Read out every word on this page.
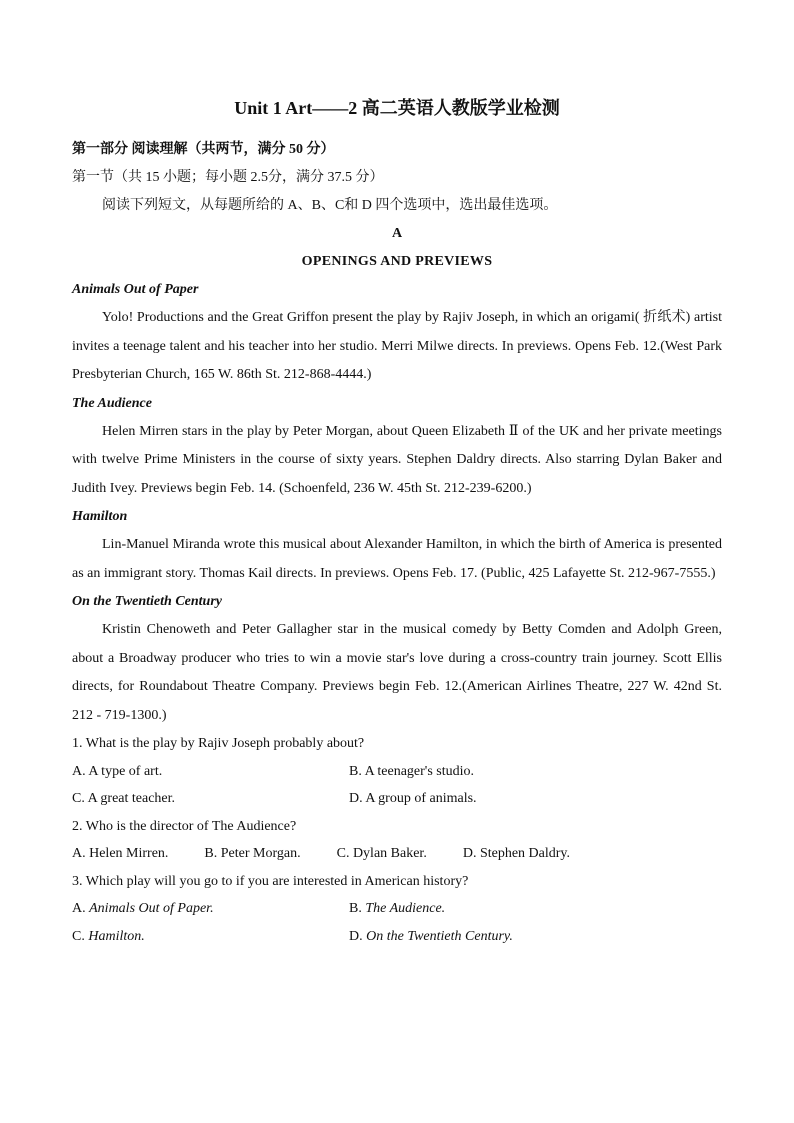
Unit 1 Art——2 高二英语人教版学业检测

第一部分 阅读理解（共两节，满分 50 分）

第一节（共 15 小题；每小题 2.5分，满分 37.5 分）

阅读下列短文，从每题所给的 A、B、C和 D 四个选项中，选出最佳选项。

A

OPENINGS AND PREVIEWS

Animals Out of Paper

Yolo! Productions and the Great Griffon present the play by Rajiv Joseph, in which an origami( 折纸术) artist invites a teenage talent and his teacher into her studio. Merri Milwe directs. In previews. Opens Feb. 12.(West Park Presbyterian Church, 165 W. 86th St. 212-868-4444.)

The Audience

Helen Mirren stars in the play by Peter Morgan, about Queen Elizabeth Ⅱ of the UK and her private meetings with twelve Prime Ministers in the course of sixty years. Stephen Daldry directs. Also starring Dylan Baker and Judith Ivey. Previews begin Feb. 14. (Schoenfeld, 236 W. 45th St. 212-239-6200.)

Hamilton

Lin-Manuel Miranda wrote this musical about Alexander Hamilton, in which the birth of America is presented as an immigrant story. Thomas Kail directs. In previews. Opens Feb. 17. (Public, 425 Lafayette St. 212-967-7555.)

On the Twentieth Century

Kristin Chenoweth and Peter Gallagher star in the musical comedy by Betty Comden and Adolph Green, about a Broadway producer who tries to win a movie star's love during a cross-country train journey. Scott Ellis directs, for Roundabout Theatre Company. Previews begin Feb. 12.(American Airlines Theatre, 227 W. 42nd St. 212 - 719-1300.)

1. What is the play by Rajiv Joseph probably about?

A. A type of art.	B. A teenager's studio.
C. A great teacher.	D. A group of animals.

2. Who is the director of The Audience?

A. Helen Mirren.	B. Peter Morgan.	C. Dylan Baker.	D. Stephen Daldry.

3. Which play will you go to if you are interested in American history?

A. Animals Out of Paper.	B. The Audience.
C. Hamilton.	D. On the Twentieth Century.
